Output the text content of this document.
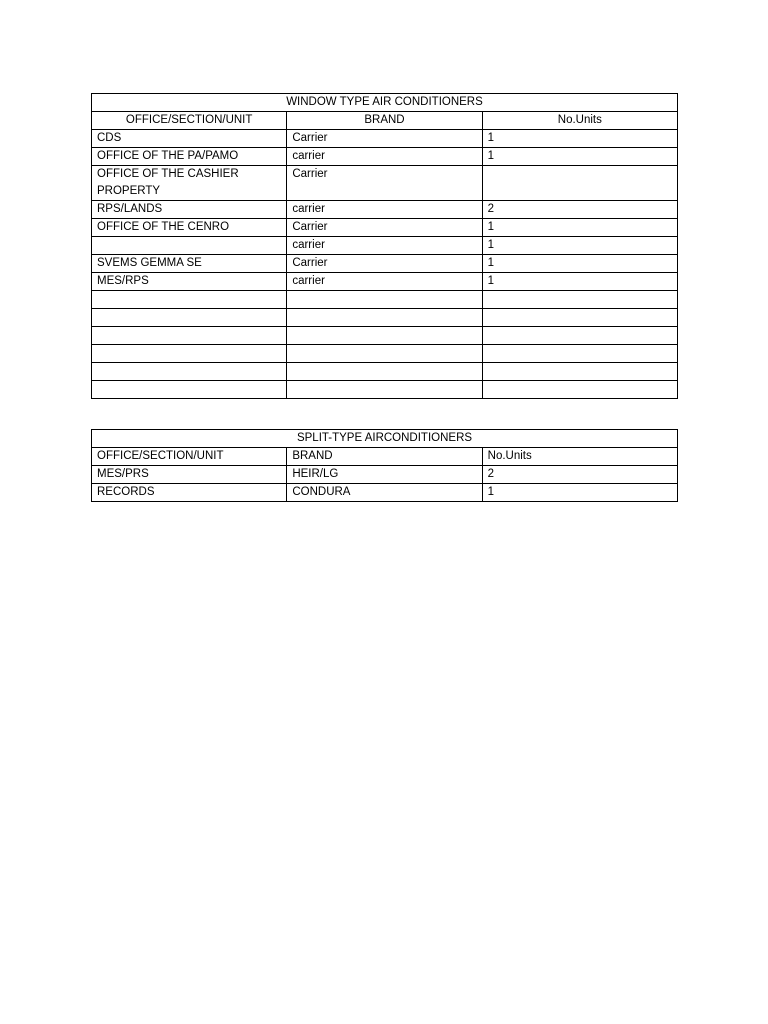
WINDOW TYPE AIR CONDITIONERS		
OFFICE/SECTION/UNIT	BRAND	No.Units
CDS	Carrier	1
OFFICE OF THE PA/PAMO	carrier	1
OFFICE OF THE CASHIER PROPERTY	Carrier	
RPS/LANDS	carrier	2
OFFICE OF THE CENRO	Carrier	1
	carrier	1
SVEMS GEMMA SE	Carrier	1
MES/RPS	carrier	1

SPLIT-TYPE AIRCONDITIONERS		
OFFICE/SECTION/UNIT	BRAND	No.Units
MES/PRS	HEIR/LG	2
RECORDS	CONDURA	1
